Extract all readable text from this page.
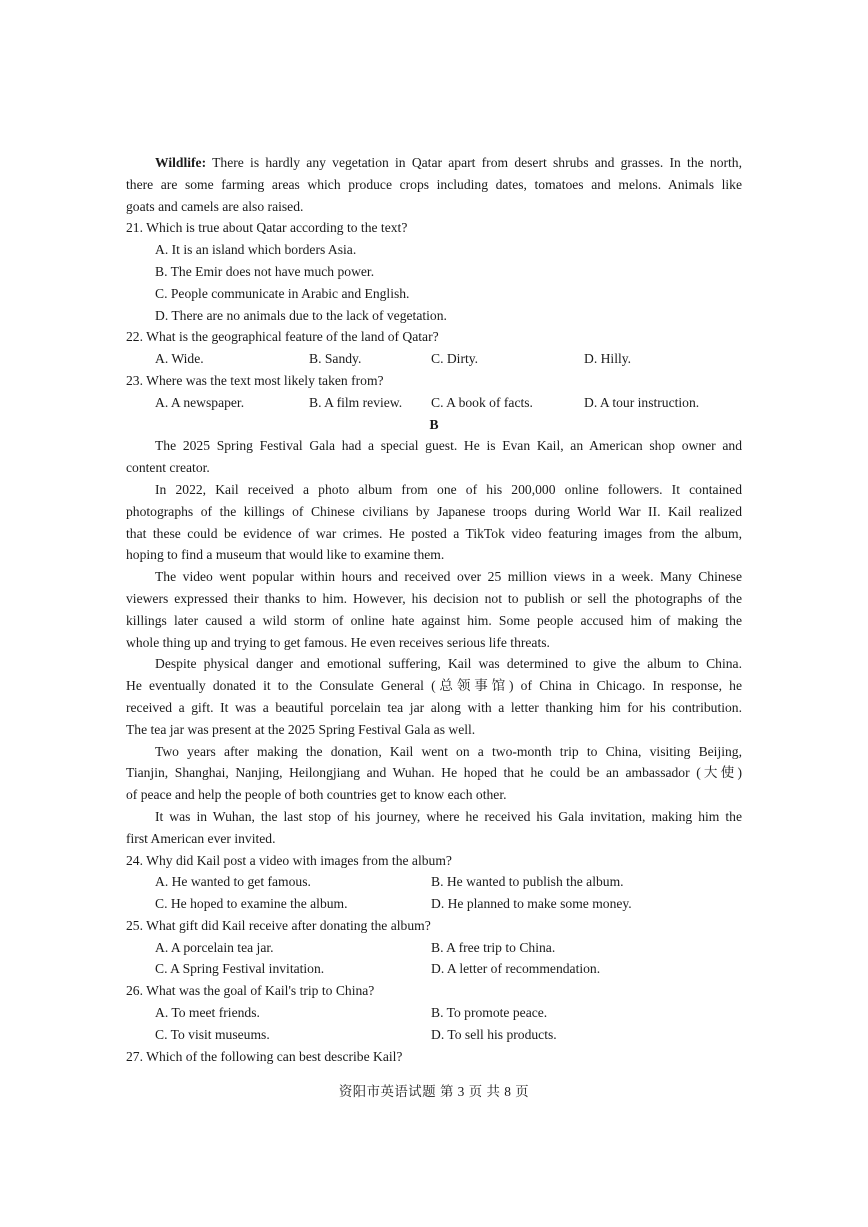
Wildlife: There is hardly any vegetation in Qatar apart from desert shrubs and grasses. In the north,
there are some farming areas which produce crops including dates, tomatoes and melons. Animals like
goats and camels are also raised.
21. Which is true about Qatar according to the text?
A. It is an island which borders Asia.
B. The Emir does not have much power.
C. People communicate in Arabic and English.
D. There are no animals due to the lack of vegetation.
22. What is the geographical feature of the land of Qatar?
A. Wide.	B. Sandy.	C. Dirty.	D. Hilly.
23. Where was the text most likely taken from?
A. A newspaper.	B. A film review.	C. A book of facts.	D. A tour instruction.
B
The 2025 Spring Festival Gala had a special guest. He is Evan Kail, an American shop owner and
content creator.
In 2022, Kail received a photo album from one of his 200,000 online followers. It contained
photographs of the killings of Chinese civilians by Japanese troops during World War II. Kail realized
that these could be evidence of war crimes. He posted a TikTok video featuring images from the album,
hoping to find a museum that would like to examine them.
The video went popular within hours and received over 25 million views in a week. Many Chinese
viewers expressed their thanks to him. However, his decision not to publish or sell the photographs of the
killings later caused a wild storm of online hate against him. Some people accused him of making the
whole thing up and trying to get famous. He even receives serious life threats.
Despite physical danger and emotional suffering, Kail was determined to give the album to China.
He eventually donated it to the Consulate General (总领事馆) of China in Chicago. In response, he
received a gift. It was a beautiful porcelain tea jar along with a letter thanking him for his contribution.
The tea jar was present at the 2025 Spring Festival Gala as well.
Two years after making the donation, Kail went on a two-month trip to China, visiting Beijing,
Tianjin, Shanghai, Nanjing, Heilongjiang and Wuhan. He hoped that he could be an ambassador (大使)
of peace and help the people of both countries get to know each other.
It was in Wuhan, the last stop of his journey, where he received his Gala invitation, making him the
first American ever invited.
24. Why did Kail post a video with images from the album?
A. He wanted to get famous.	B. He wanted to publish the album.
C. He hoped to examine the album.	D. He planned to make some money.
25. What gift did Kail receive after donating the album?
A. A porcelain tea jar.	B. A free trip to China.
C. A Spring Festival invitation.	D. A letter of recommendation.
26. What was the goal of Kail's trip to China?
A. To meet friends.	B. To promote peace.
C. To visit museums.	D. To sell his products.
27. Which of the following can best describe Kail?
资阳市英语试题 第 3 页 共 8 页
